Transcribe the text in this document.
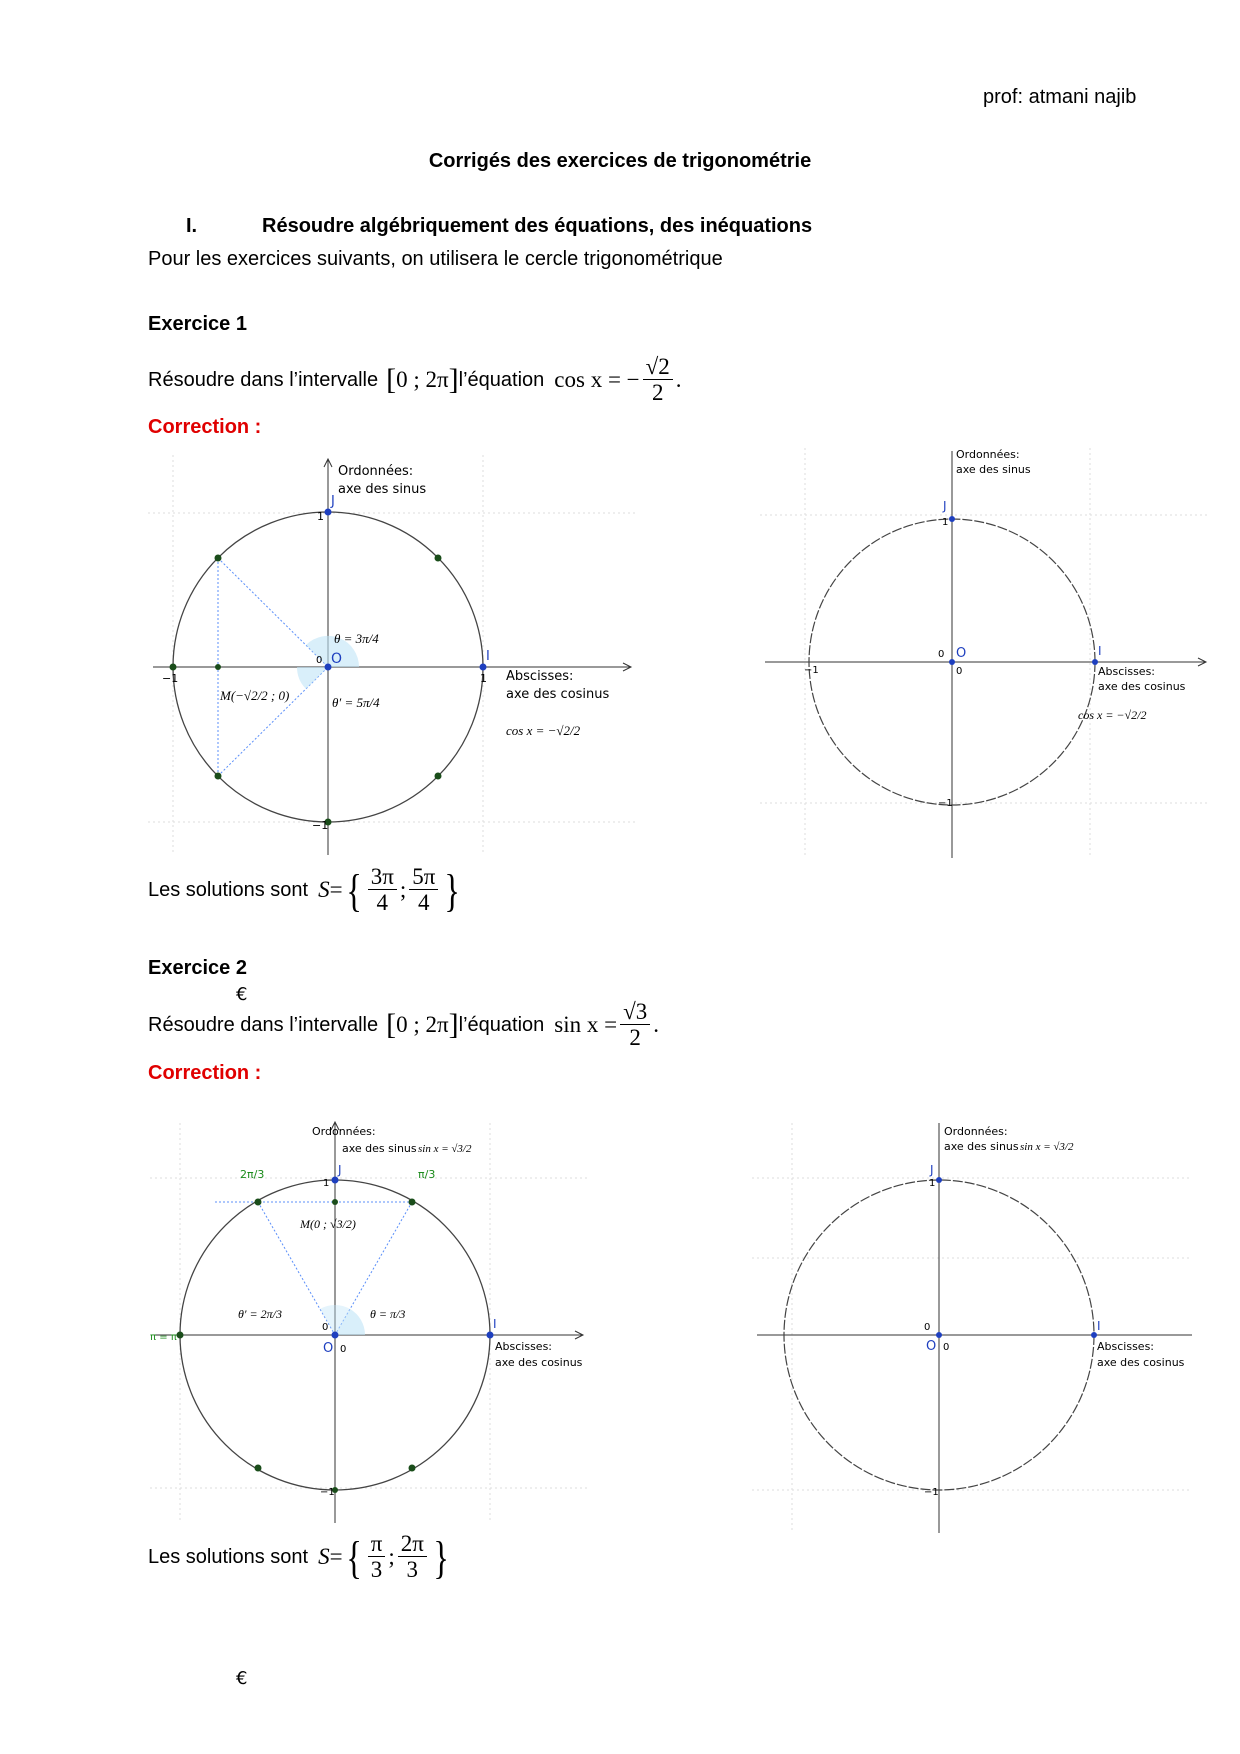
prof: atmani najib
Corrigés des exercices de trigonométrie
I.	Résoudre algébriquement des équations, des inéquations
Pour les exercices suivants, on utilisera le cercle trigonométrique
Exercice 1
Résoudre dans l’intervalle [ 0 ; 2π ] l’équation cos x = − $\frac{√2}{2}$ .
Correction :
J
I
O
1
−1
−1	1
0
Ordonnées:
axe des sinus
Abscisses:
axe des cosinus
θ = 3π/4
θ′ = 5π/4
M(−√2/2 ; 0)
cos x = −√2/2
J
I
O
1
−1
−1
0
0
Ordonnées:
axe des sinus
Abscisses:
axe des cosinus
cos x = −√2/2
Les solutions sont S = { $\frac{3\pi}{4}$ ; $\frac{5\pi}{4}$ }
Exercice 2
€
Résoudre dans l’intervalle [ 0 ; 2π ] l’équation $\sin x = \frac{√3}{2}$ .
Correction :
J
I
O
1
−1
0
0
Ordonnées:
axe des sinus
Abscisses:
axe des cosinus
sin x = √3/2
2π/3	π/3
π = π
M(0 ; √3/2)
θ′ = 2π/3	θ = π/3
J
I
O
1
−1
0
0
Ordonnées:
axe des sinus
Abscisses:
axe des cosinus
sin x = √3/2
Les solutions sont S = { $\frac{\pi}{3}$ ; $\frac{2\pi}{3}$ }
€
